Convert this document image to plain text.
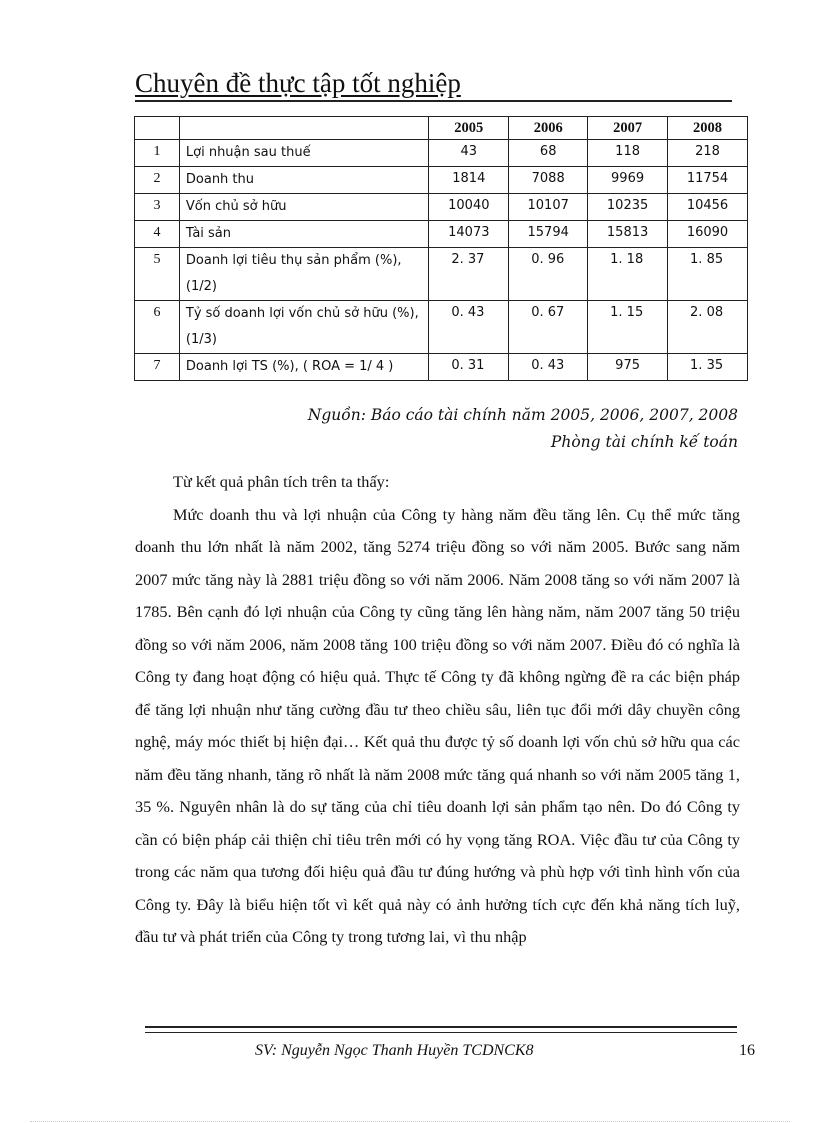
Chuyên đề thực tập tốt nghiệp
		2005	2006	2007	2008
1	Lợi nhuận sau thuế	43	68	118	218
2	Doanh thu	1814	7088	9969	11754
3	Vốn chủ sở hữu	10040	10107	10235	10456
4	Tài sản	14073	15794	15813	16090
5	Doanh lợi tiêu thụ sản phẩm (%), (1/2)	2. 37	0. 96	1. 18	1. 85
6	Tỷ số doanh lợi vốn chủ sở hữu (%), (1/3)	0. 43	0. 67	1. 15	2. 08
7	Doanh lợi TS (%), ( ROA = 1/ 4 )	0. 31	0. 43	975	1. 35
Nguồn: Báo cáo tài chính năm 2005, 2006, 2007, 2008
Phòng tài chính kế toán

Từ kết quả phân tích trên ta thấy:

Mức doanh thu và lợi nhuận của Công ty hàng năm đều tăng lên. Cụ thể mức tăng doanh thu lớn nhất là năm 2002, tăng 5274 triệu đồng so với năm 2005. Bước sang năm 2007 mức tăng này là 2881 triệu đồng so với năm 2006. Năm 2008 tăng so với năm 2007 là 1785. Bên cạnh đó lợi nhuận của Công ty cũng tăng lên hàng năm, năm 2007 tăng 50 triệu đồng so với năm 2006, năm 2008 tăng 100 triệu đồng so với năm 2007. Điều đó có nghĩa là Công ty đang hoạt động có hiệu quả. Thực tế Công ty đã không ngừng đề ra các biện pháp để tăng lợi nhuận như tăng cường đầu tư theo chiều sâu, liên tục đổi mới dây chuyền công nghệ, máy móc thiết bị hiện đại… Kết quả thu được tỷ số doanh lợi vốn chủ sở hữu qua các năm đều tăng nhanh, tăng rõ nhất là năm 2008 mức tăng quá nhanh so với năm 2005 tăng 1, 35 %. Nguyên nhân là do sự tăng của chỉ tiêu doanh lợi sản phẩm tạo nên. Do đó Công ty cần có biện pháp cải thiện chỉ tiêu trên mới có hy vọng tăng ROA. Việc đầu tư của Công ty trong các năm qua tương đối hiệu quả đầu tư đúng hướng và phù hợp với tình hình vốn của Công ty. Đây là biểu hiện tốt vì kết quả này có ảnh hưởng tích cực đến khả năng tích luỹ, đầu tư và phát triển của Công ty trong tương lai, vì thu nhập

SV: Nguyễn Ngọc Thanh Huyền TCDNCK8	16
